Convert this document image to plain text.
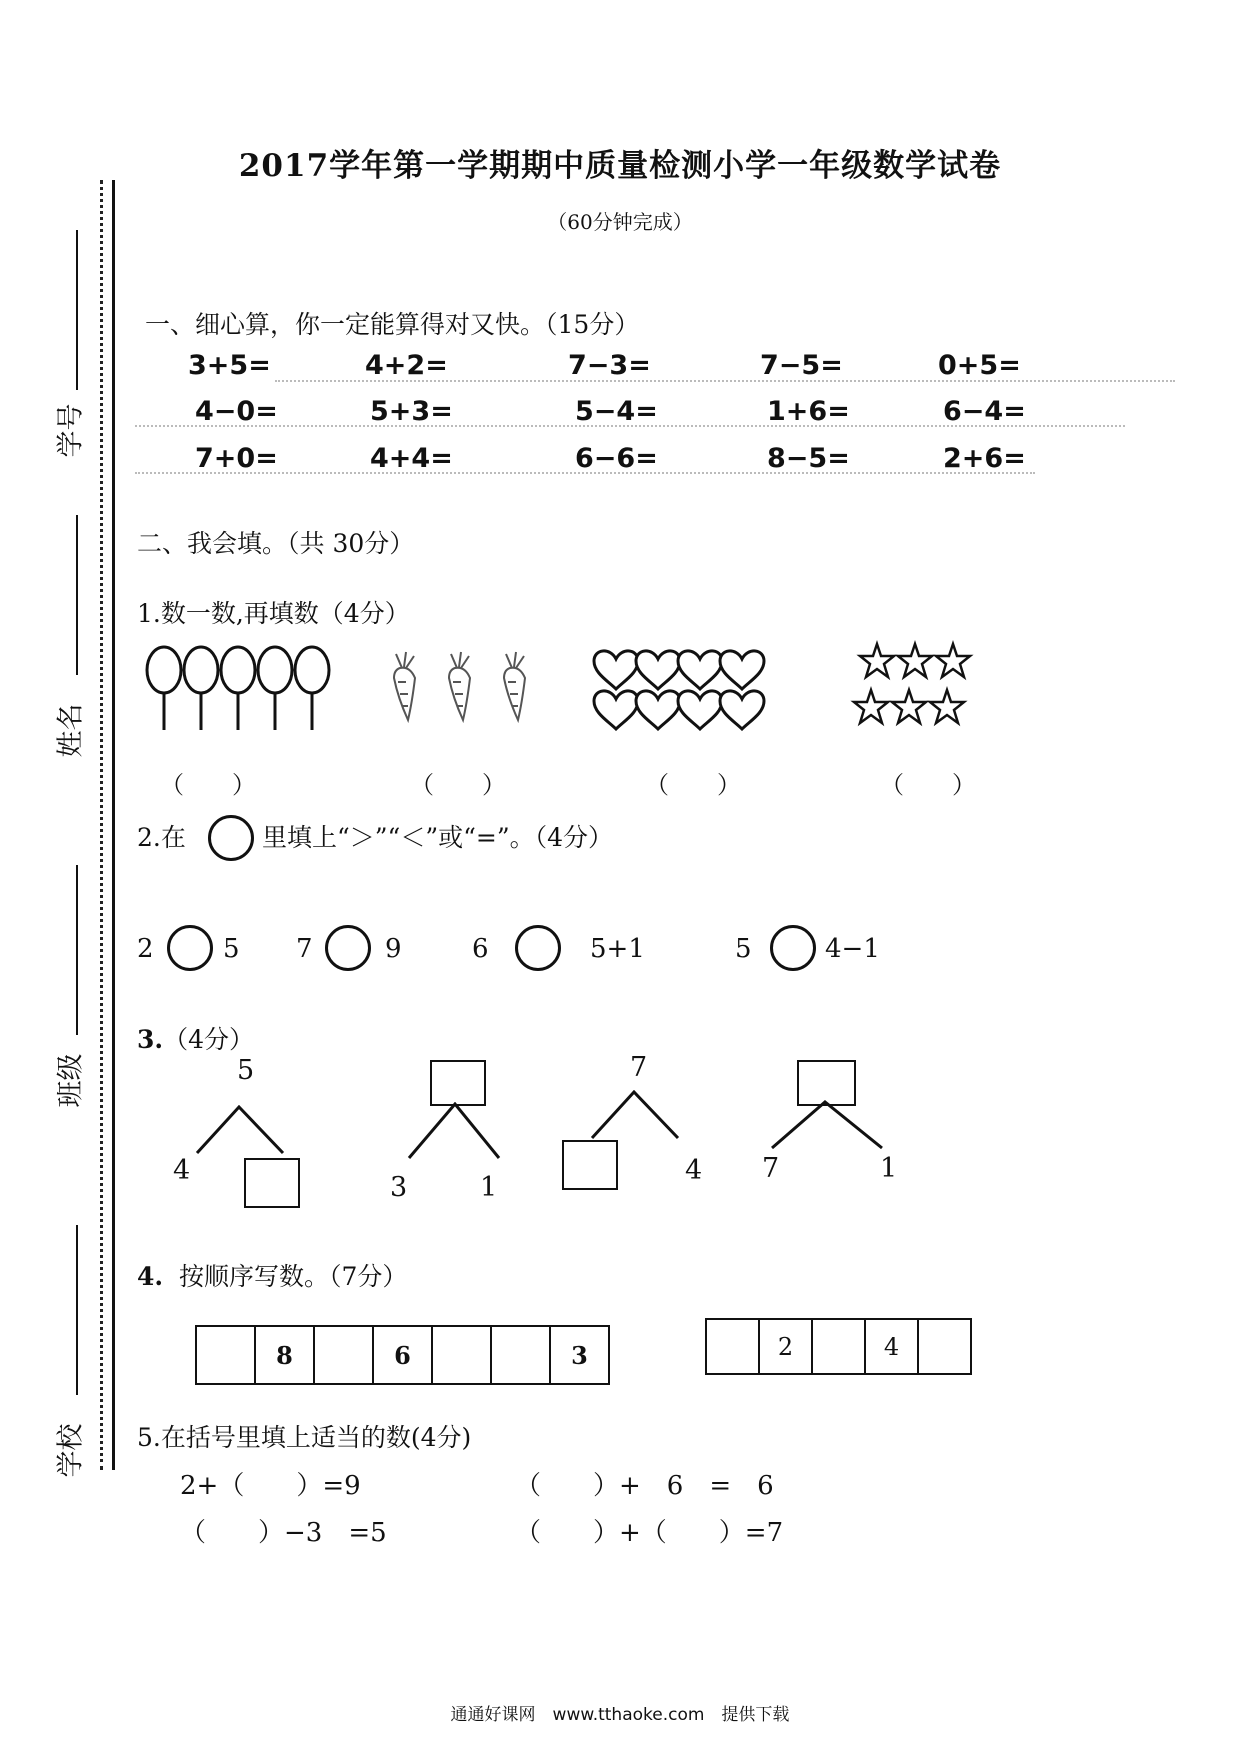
2017学年第一学期期中质量检测小学一年级数学试卷
（60分钟完成）
学号
姓名
班级
学校
一、细心算，你一定能算得对又快。（15分）
3+5=	4+2=	7−3=	7−5=	0+5=
4−0=	5+3=	5−4=	1+6=	6−4=
7+0=	4+4=	6−6=	8−5=	2+6=
二、我会填。（共 30分）
1.数一数,再填数（4分）
（　　）	（　　）	（　　）	（　　）
2.在	里填上“＞”“＜”或“=”。（4分）
2	5 7	9	6	5+1	5	4−1
3.（4分）
5
4
3	1
7
4 7	1
4. 按顺序写数。（7分）
8	6	3	2	4
5.在括号里填上适当的数(4分)
2+（　　）=9	（　　）+　6　=　6
（　　）−3　=5	（　　）+（　　）=7
通通好课网　www.tthaoke.com　提供下载
